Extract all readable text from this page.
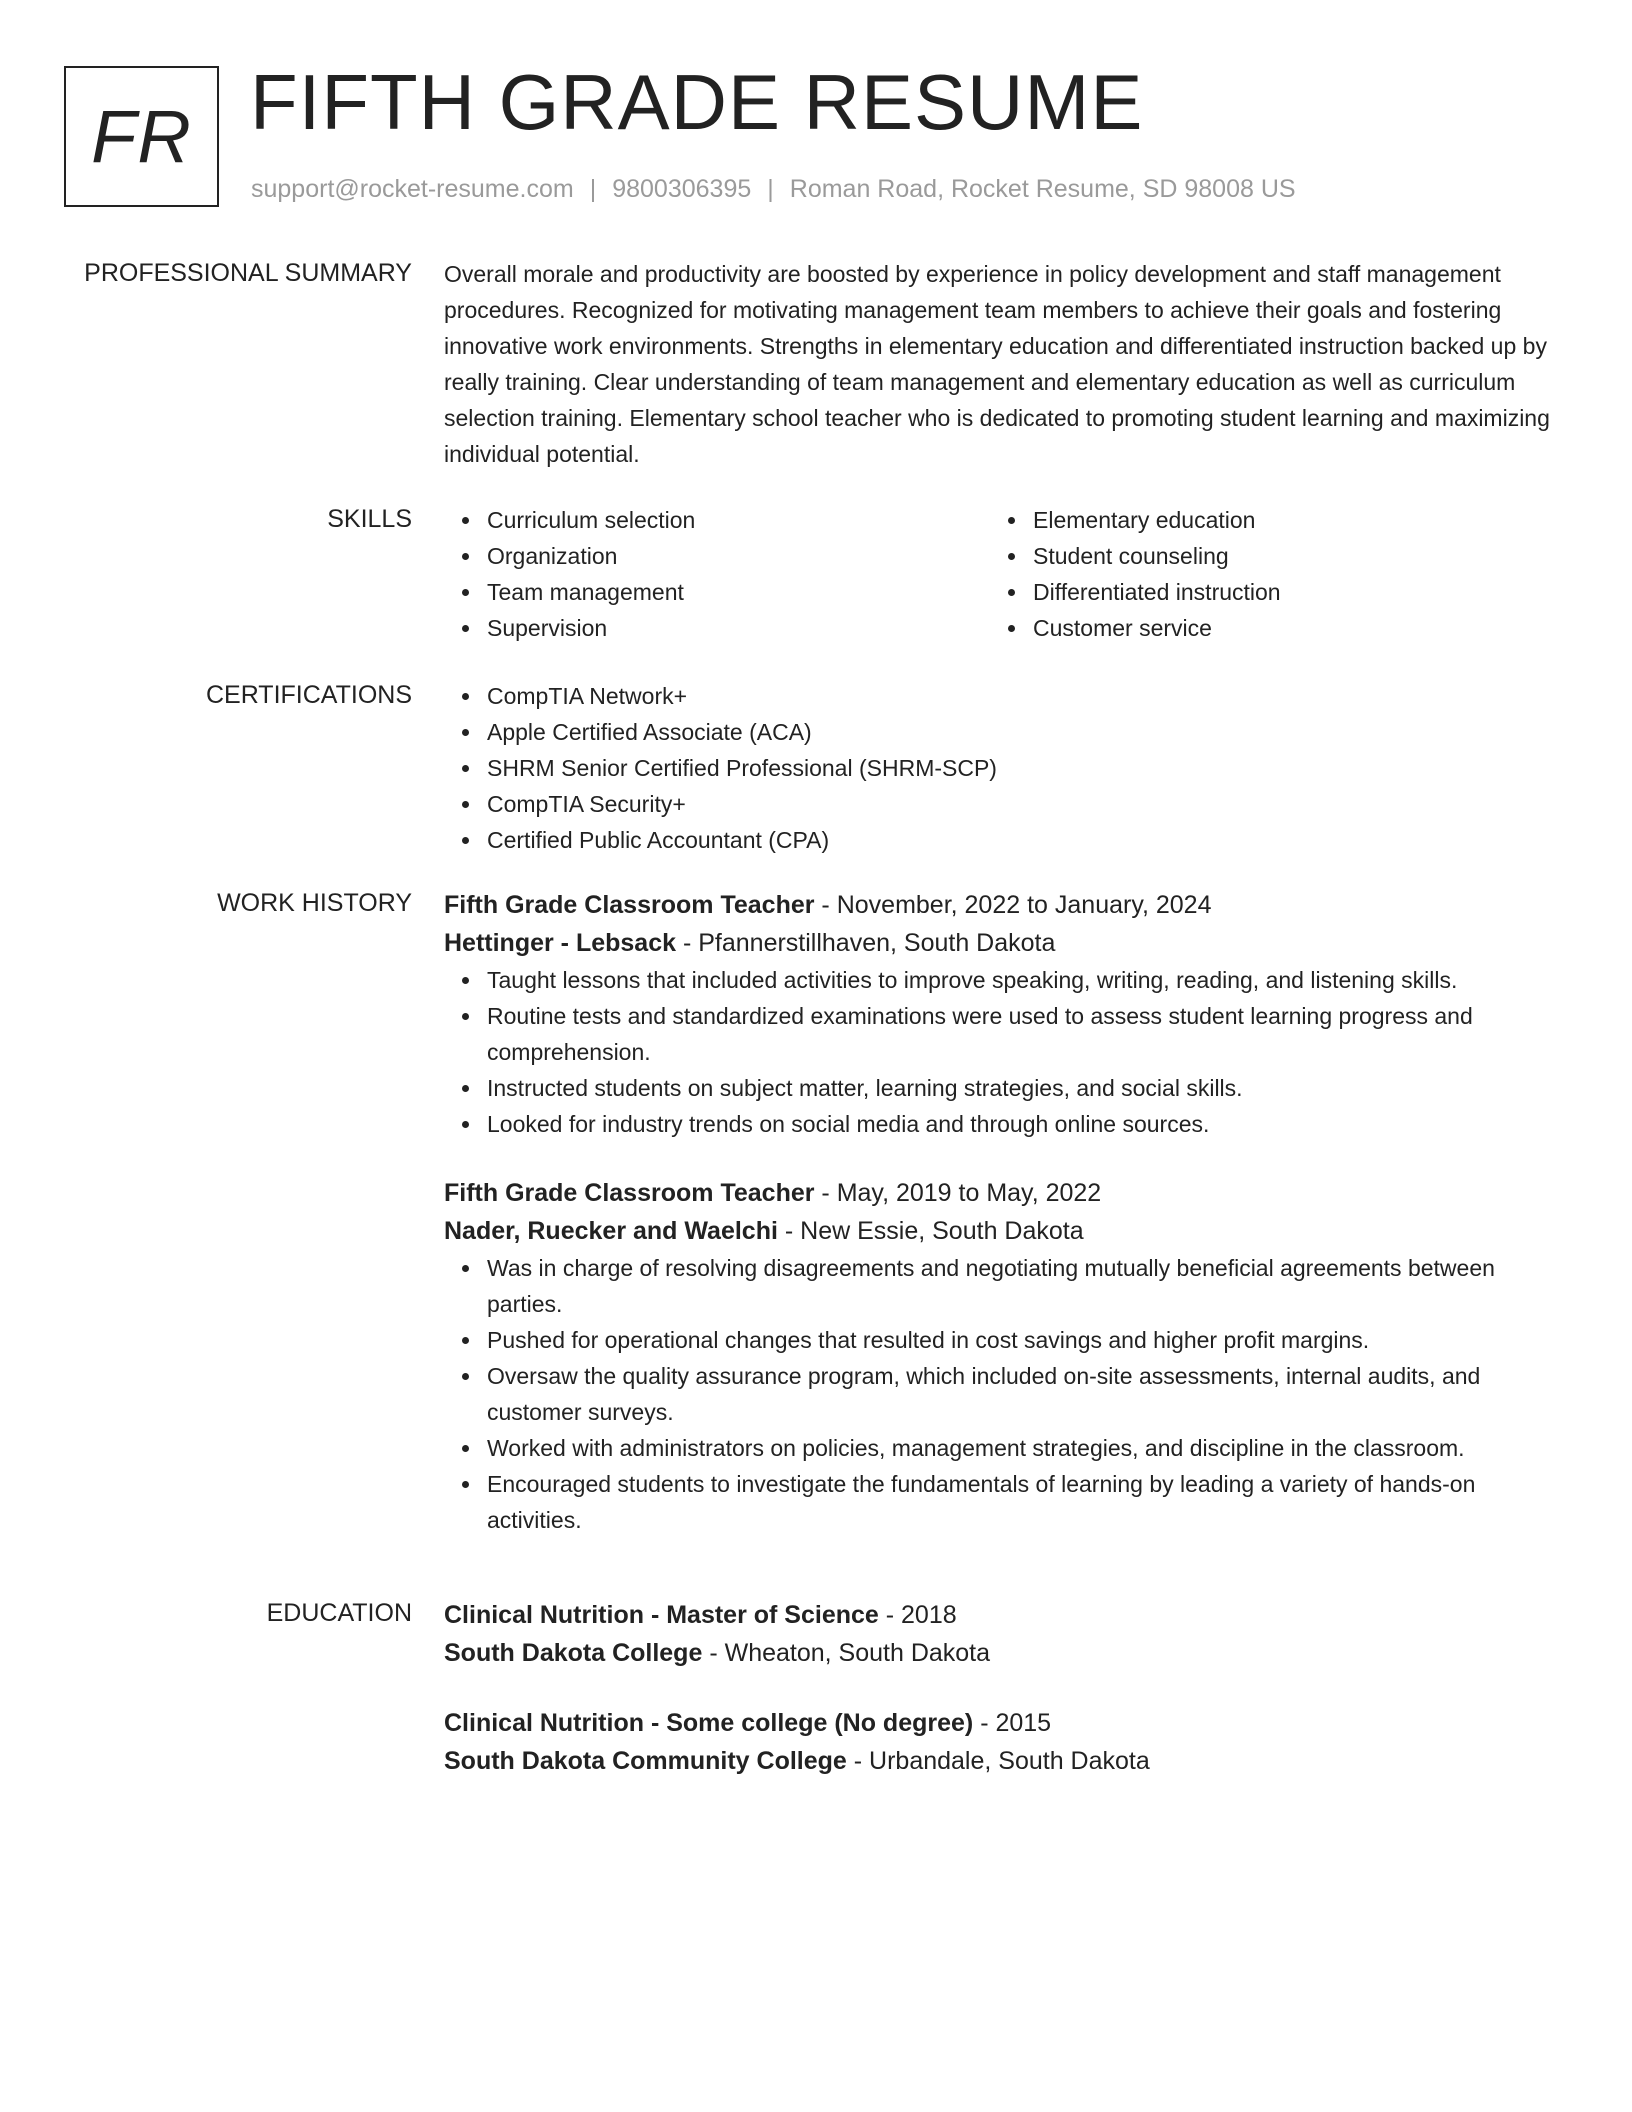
FR FIFTH GRADE RESUME
support@rocket-resume.com | 9800306395 | Roman Road, Rocket Resume, SD 98008 US
PROFESSIONAL SUMMARY Overall morale and productivity are boosted by experience in policy development and staff management procedures. Recognized for motivating management team members to achieve their goals and fostering innovative work environments. Strengths in elementary education and differentiated instruction backed up by really training. Clear understanding of team management and elementary education as well as curriculum selection training. Elementary school teacher who is dedicated to promoting student learning and maximizing individual potential.

SKILLS	Curriculum selection
Organization
Team management
Supervision
Elementary education
Student counseling
Differentiated instruction
Customer service
CERTIFICATIONS	CompTIA Network+
Apple Certified Associate (ACA)
SHRM Senior Certified Professional (SHRM-SCP)
CompTIA Security+
Certified Public Accountant (CPA)
WORK HISTORY Fifth Grade Classroom Teacher - November, 2022 to January, 2024
Hettinger - Lebsack - Pfannerstillhaven, South Dakota
Taught lessons that included activities to improve speaking, writing, reading, and listening skills.
Routine tests and standardized examinations were used to assess student learning progress and comprehension.
Instructed students on subject matter, learning strategies, and social skills.
Looked for industry trends on social media and through online sources.
Fifth Grade Classroom Teacher - May, 2019 to May, 2022
Nader, Ruecker and Waelchi - New Essie, South Dakota
Was in charge of resolving disagreements and negotiating mutually beneficial agreements between parties.
Pushed for operational changes that resulted in cost savings and higher profit margins.
Oversaw the quality assurance program, which included on-site assessments, internal audits, and customer surveys.
Worked with administrators on policies, management strategies, and discipline in the classroom.
Encouraged students to investigate the fundamentals of learning by leading a variety of hands-on activities.
EDUCATION Clinical Nutrition - Master of Science - 2018
South Dakota College - Wheaton, South Dakota
Clinical Nutrition - Some college (No degree) - 2015
South Dakota Community College - Urbandale, South Dakota
